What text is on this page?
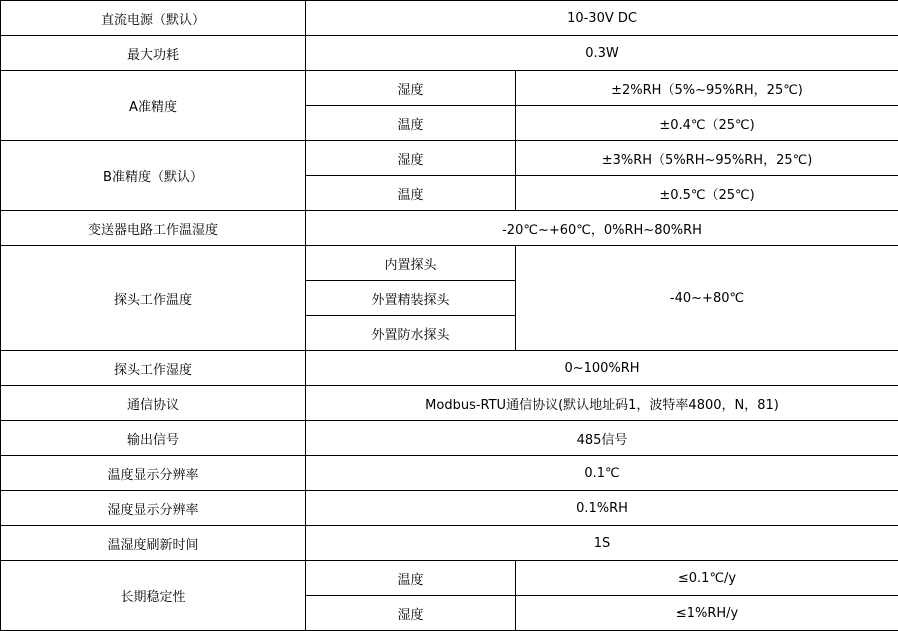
直流电源（默认）	10-30V DC	
最大功耗	0.3W	
A准精度	湿度	±2%RH（5%~95%RH，25℃)
	温度	±0.4℃（25℃)
B准精度（默认）	湿度	±3%RH（5%RH~95%RH，25℃)
	温度	±0.5℃（25℃)
变送器电路工作温湿度	-20℃~+60℃，0%RH~80%RH	
探头工作温度	内置探头	-40~+80℃
	外置精装探头	
	外置防水探头	
探头工作湿度	0~100%RH	
通信协议	Modbus-RTU通信协议(默认地址码1，波特率4800，N，81)	
输出信号	485信号	
温度显示分辨率	0.1℃	
湿度显示分辨率	0.1%RH	
温湿度刷新时间	1S	
长期稳定性	温度	≤0.1℃/y
	湿度	≤1%RH/y
